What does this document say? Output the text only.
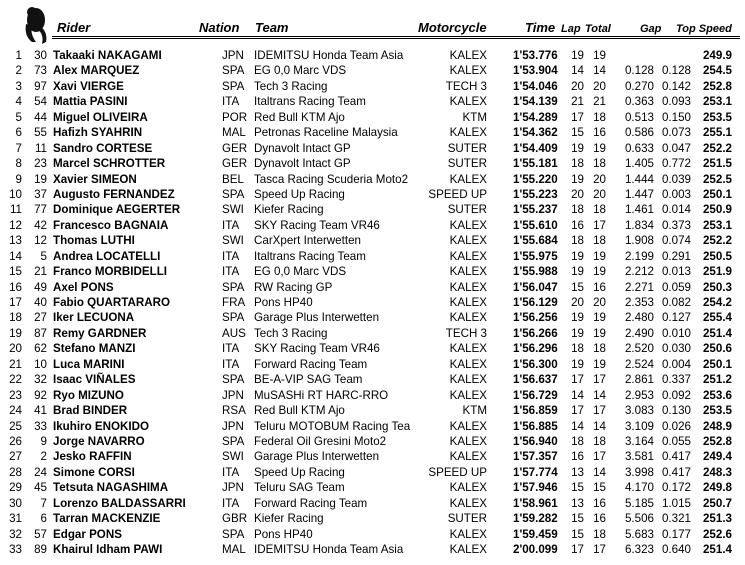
Rider	Nation Team	Motorcycle	Time Lap Total	Gap Top Speed
1 30 Takaaki NAKAGAMI	JPN IDEMITSU Honda Team Asia	KALEX 1'53.776 19 19	249.9
2 73 Alex MARQUEZ	SPA EG 0,0 Marc VDS	KALEX 1'53.904 14 14 0.128 0.128 254.5
3 97 Xavi VIERGE	SPA Tech 3 Racing	TECH 3 1'54.046 20 20 0.270 0.142 252.8
4 54 Mattia PASINI	ITA Italtrans Racing Team	KALEX 1'54.139 21 21 0.363 0.093 253.1
5 44 Miguel OLIVEIRA	POR Red Bull KTM Ajo	KTM 1'54.289 17 18 0.513 0.150 253.5
6 55 Hafizh SYAHRIN	MAL Petronas Raceline Malaysia	KALEX 1'54.362 15 16 0.586 0.073 255.1
7 11 Sandro CORTESE	GER Dynavolt Intact GP	SUTER 1'54.409 19 19 0.633 0.047 252.2
8 23 Marcel SCHROTTER	GER Dynavolt Intact GP	SUTER 1'55.181 18 18 1.405 0.772 251.5
9 19 Xavier SIMEON	BEL Tasca Racing Scuderia Moto2	KALEX 1'55.220 19 20 1.444 0.039 252.5
10 37 Augusto FERNANDEZ	SPA Speed Up Racing	SPEED UP 1'55.223 20 20 1.447 0.003 250.1
11 77 Dominique AEGERTER	SWI Kiefer Racing	SUTER 1'55.237 18 18 1.461 0.014 250.9
12 42 Francesco BAGNAIA	ITA SKY Racing Team VR46	KALEX 1'55.610 16 17 1.834 0.373 253.1
13 12 Thomas LUTHI	SWI CarXpert Interwetten	KALEX 1'55.684 18 18 1.908 0.074 252.2
14 5 Andrea LOCATELLI	ITA Italtrans Racing Team	KALEX 1'55.975 19 19 2.199 0.291 250.5
15 21 Franco MORBIDELLI	ITA EG 0,0 Marc VDS	KALEX 1'55.988 19 19 2.212 0.013 251.9
16 49 Axel PONS	SPA RW Racing GP	KALEX 1'56.047 15 16 2.271 0.059 250.3
17 40 Fabio QUARTARARO	FRA Pons HP40	KALEX 1'56.129 20 20 2.353 0.082 254.2
18 27 Iker LECUONA	SPA Garage Plus Interwetten	KALEX 1'56.256 19 19 2.480 0.127 255.4
19 87 Remy GARDNER	AUS Tech 3 Racing	TECH 3 1'56.266 19 19 2.490 0.010 251.4
20 62 Stefano MANZI	ITA SKY Racing Team VR46	KALEX 1'56.296 18 18 2.520 0.030 250.6
21 10 Luca MARINI	ITA Forward Racing Team	KALEX 1'56.300 19 19 2.524 0.004 250.1
22 32 Isaac VIÑALES	SPA BE-A-VIP SAG Team	KALEX 1'56.637 17 17 2.861 0.337 251.2
23 92 Ryo MIZUNO	JPN MuSASHi RT HARC-RRO	KALEX 1'56.729 14 14 2.953 0.092 253.6
24 41 Brad BINDER	RSA Red Bull KTM Ajo	KTM 1'56.859 17 17 3.083 0.130 253.5
25 33 Ikuhiro ENOKIDO	JPN Teluru MOTOBUM Racing Tea	KALEX 1'56.885 14 14 3.109 0.026 248.9
26 9 Jorge NAVARRO	SPA Federal Oil Gresini Moto2	KALEX 1'56.940 18 18 3.164 0.055 252.8
27 2 Jesko RAFFIN	SWI Garage Plus Interwetten	KALEX 1'57.357 16 17 3.581 0.417 249.4
28 24 Simone CORSI	ITA Speed Up Racing	SPEED UP 1'57.774 13 14 3.998 0.417 248.3
29 45 Tetsuta NAGASHIMA	JPN Teluru SAG Team	KALEX 1'57.946 15 15 4.170 0.172 249.8
30 7 Lorenzo BALDASSARRI	ITA Forward Racing Team	KALEX 1'58.961 13 16 5.185 1.015 250.7
31 6 Tarran MACKENZIE	GBR Kiefer Racing	SUTER 1'59.282 15 16 5.506 0.321 251.3
32 57 Edgar PONS	SPA Pons HP40	KALEX 1'59.459 15 18 5.683 0.177 252.6
33 89 Khairul Idham PAWI	MAL IDEMITSU Honda Team Asia	KALEX 2'00.099 17 17 6.323 0.640 251.4
